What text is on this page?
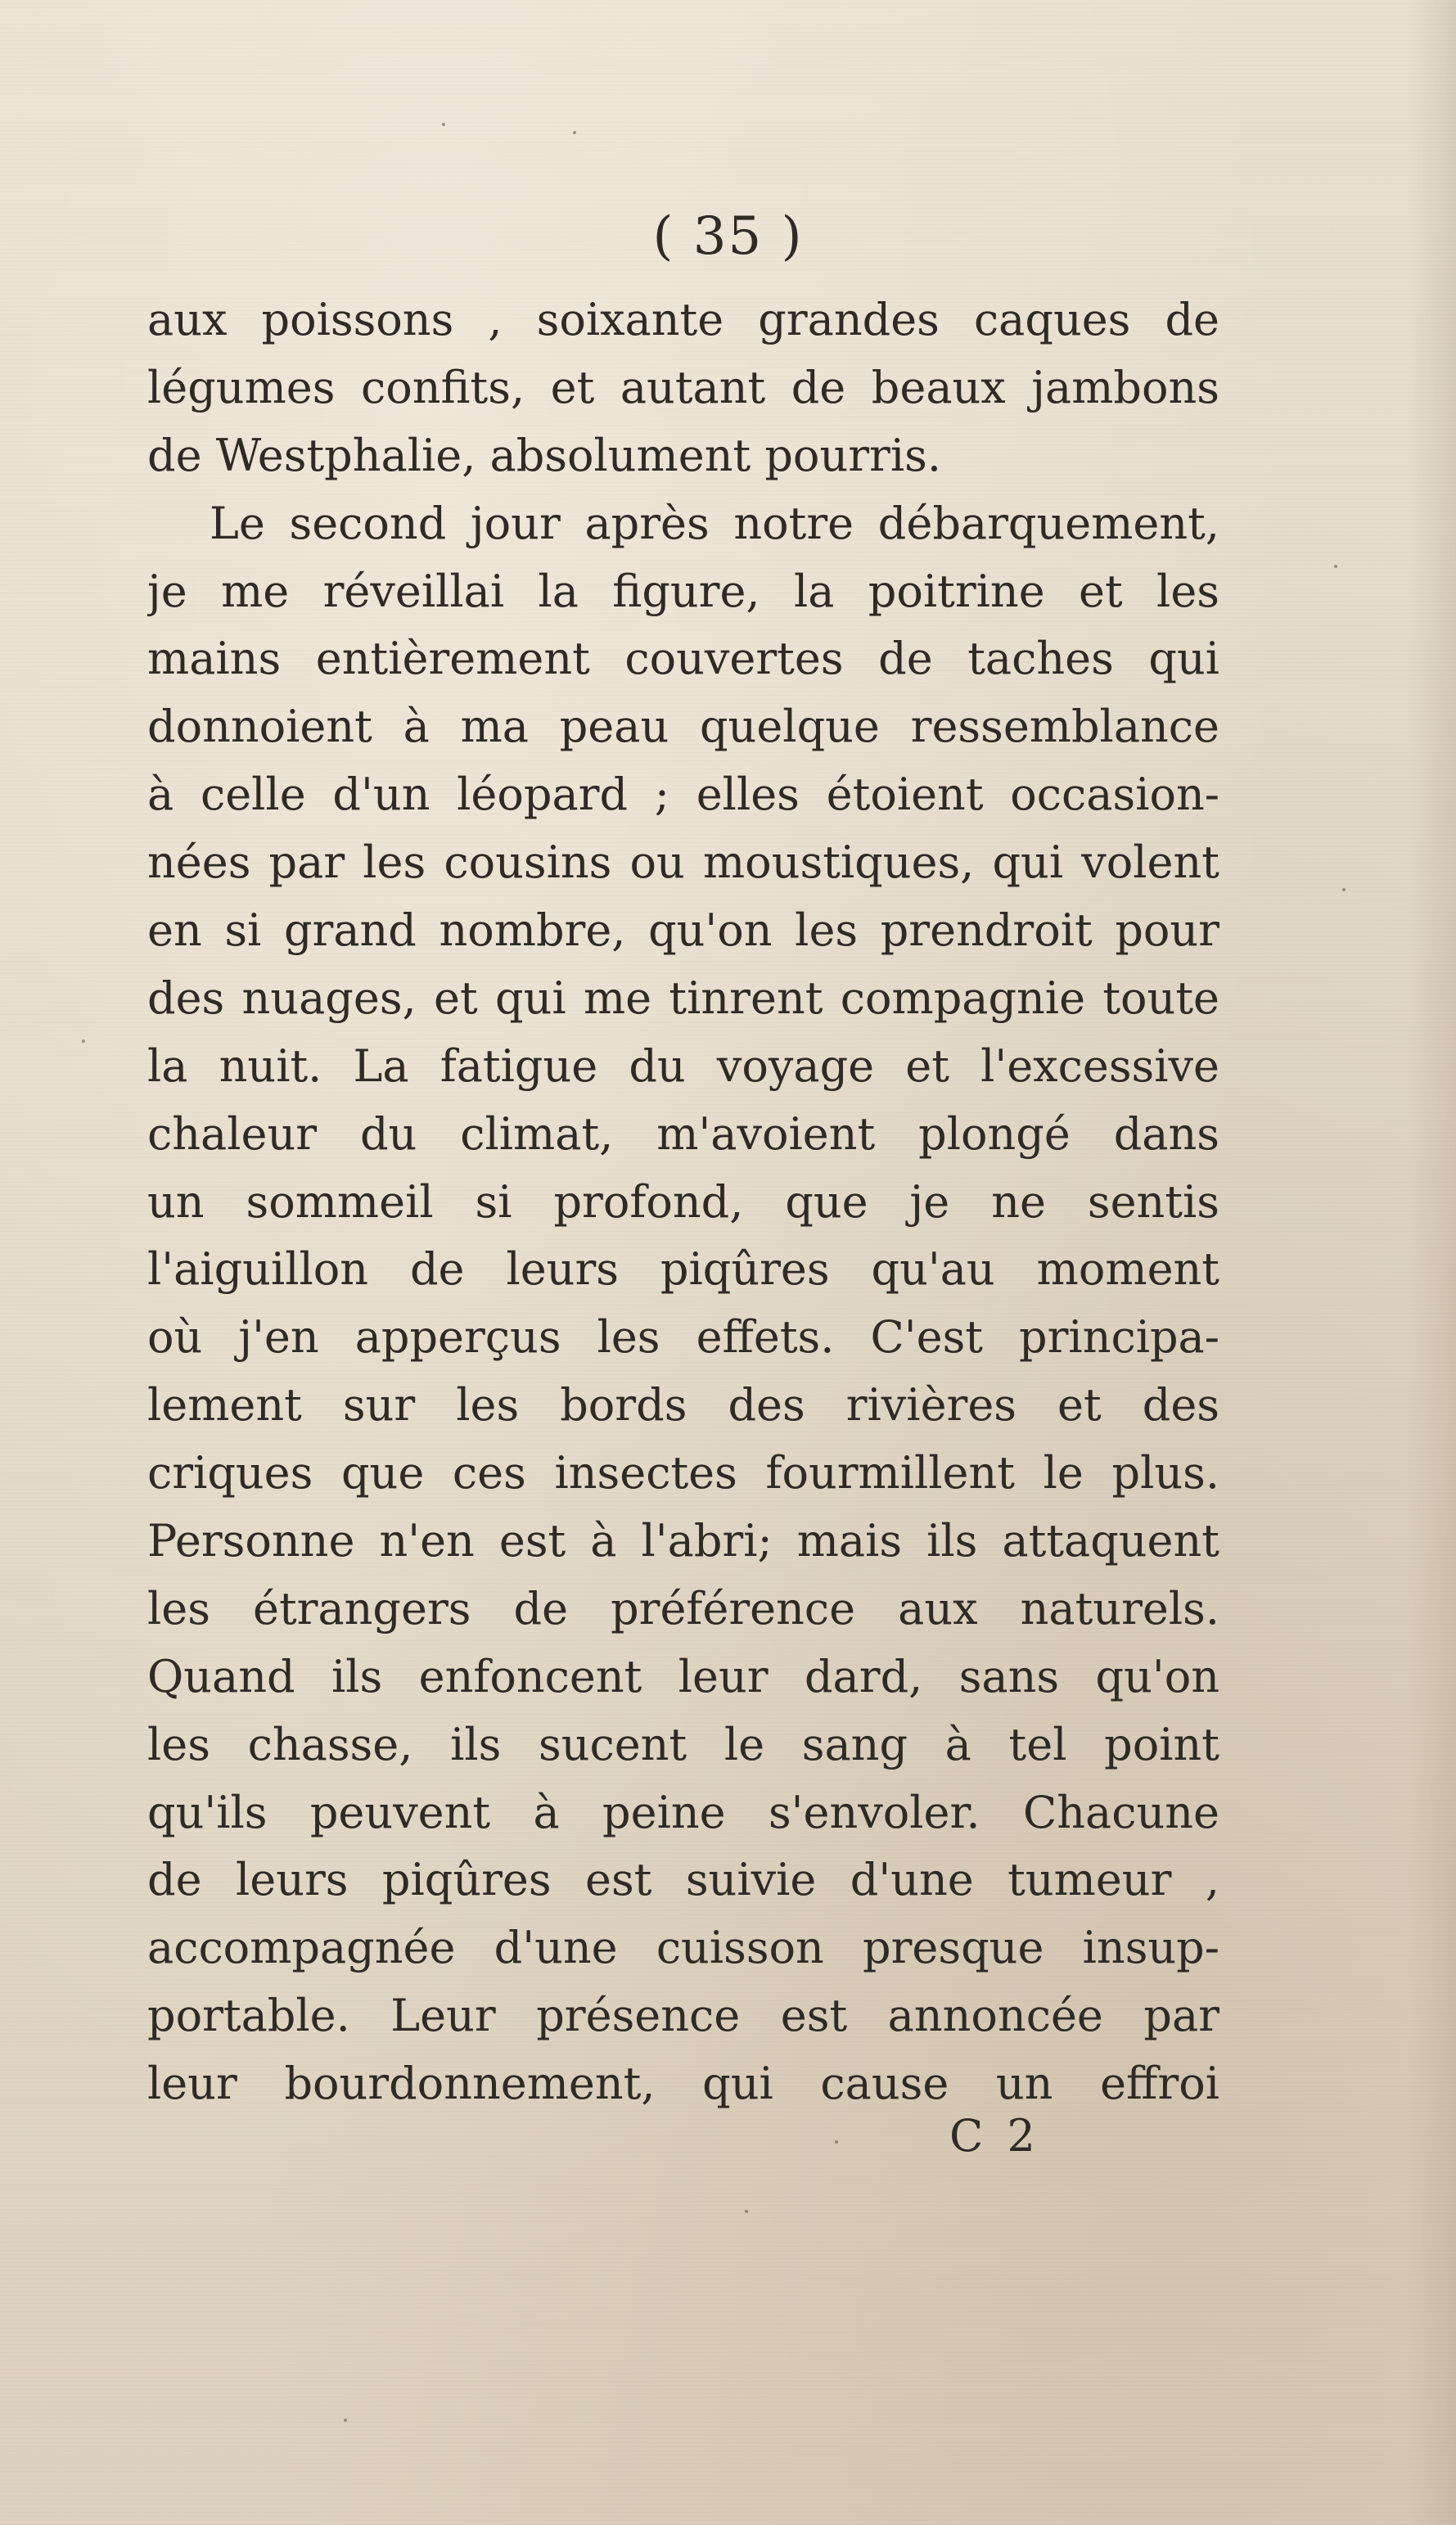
( 35 )
aux poissons , soixante grandes caques de
légumes confits, et autant de beaux jambons
de Westphalie, absolument pourris.
Le second jour après notre débarquement,
je me réveillai la figure, la poitrine et les
mains entièrement couvertes de taches qui
donnoient à ma peau quelque ressemblance
à celle d'un léopard ; elles étoient occasion-
nées par les cousins ou moustiques, qui volent
en si grand nombre, qu'on les prendroit pour
des nuages, et qui me tinrent compagnie toute
la nuit. La fatigue du voyage et l'excessive
chaleur du climat, m'avoient plongé dans
un sommeil si profond, que je ne sentis
l'aiguillon de leurs piqûres qu'au moment
où j'en apperçus les effets. C'est principa-
lement sur les bords des rivières et des
criques que ces insectes fourmillent le plus.
Personne n'en est à l'abri; mais ils attaquent
les étrangers de préférence aux naturels.
Quand ils enfoncent leur dard, sans qu'on
les chasse, ils sucent le sang à tel point
qu'ils peuvent à peine s'envoler. Chacune
de leurs piqûres est suivie d'une tumeur ,
accompagnée d'une cuisson presque insup-
portable. Leur présence est annoncée par
leur bourdonnement, qui cause un effroi
C 2
